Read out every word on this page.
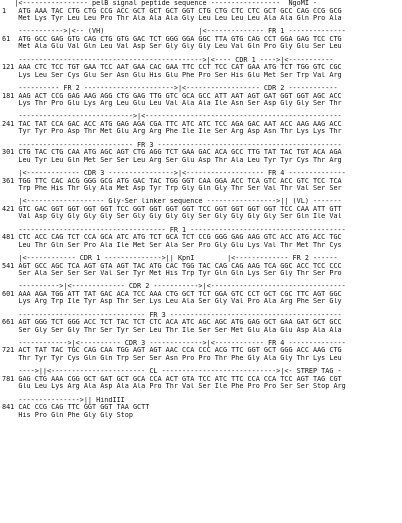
|<---------------- pelB signal peptide sequence -----------------  NgoMI -
1   ATG AAA TAC CTG CTG CCG ACC GCT GCT GCT GGT CTG CTG CTC CTC GCT GCC CAG CCG GCG
Met Lys Tyr Leu Leu Pro Thr Ala Ala Ala Gly Leu Leu Leu Leu Ala Ala Gln Pro Ala
----------->|<-- (VH)                       |<-------------- FR 1 --------------
61  ATG GCC GAG GTG CAG CTG GTG GAC TCT GGG GGA GGC TTA GTG CAG CCT GGA GAG TCC CTG
Met Ala Glu Val Gln Leu Val Asp Ser Gly Gly Gly Leu Val Gln Pro Gly Glu Ser Leu
--------------------------------------------->|<---- CDR 1 ---->|<-----------
121 AAA CTC TCC TGT GAA TCC AAT GAA CAC GAA TTC CCT TCC CAT GAA ATG TCT TGG GTC CGC
Lys Leu Ser Cys Glu Ser Asn Glu His Glu Phe Pro Ser His Glu Met Ser Trp Val Arg
---------- FR 2 ---------------------->|<------------------ CDR 2 ------------
181 AAG ACT CCG GAG AAG AGG CTG GAG TTG GTC GCA GCC ATT AAT AGT GAT GGT GGT AGC ACC
Lys Thr Pro Glu Lys Arg Leu Glu Leu Val Ala Ala Ile Asn Ser Asp Gly Gly Ser Thr
---------------------------->|<------------------------------------------------
241 TAC TAT CCA GAC ACC ATG GAG AGA CGA TTC ATC ATC TCC AGA GAC AAT ACC AAG AAG ACC
Tyr Tyr Pro Asp Thr Met Glu Arg Arg Phe Ile Ile Ser Arg Asp Asn Thr Lys Lys Thr
---------------------------- FR 3 ---------------------------------------------
301 CTG TAC CTG CAA ATG AGC AGT CTG AGG TCT GAA GAC ACA GCC TTG TAT TAC TGT ACA AGA
Leu Tyr Leu Gln Met Ser Ser Leu Arg Ser Glu Asp Thr Ala Leu Tyr Tyr Cys Thr Arg
|<------------- CDR 3 ---------------->|<------------------- FR 4 --------------
361 TGG TTC CAC ACG GGG GCG ATG GAC TAC TGG GGT CAA GGA ACC TCA GTC ACC GTC TCC TCA
Trp Phe His Thr Gly Ala Met Asp Tyr Trp Gly Gln Gly Thr Ser Val Thr Val Ser Ser
|<------------------- Gly-Ser linker sequence ----------------->|| (VL) -------
421 GTC GAC GGT GGT GGT GGT TCC GGT GGT GGT GGT TCC GGT GGT GGT GGT TCC CAA ATT GTT
Val Asp Gly Gly Gly Gly Ser Gly Gly Gly Gly Ser Gly Gly Gly Gly Ser Gln Ile Val
------------------------------------ FR 1 --------------------------------------
481 CTC ACC CAG TCT CCA GCA ATC ATG TCT GCA TCT CCG GGG GAG AAG GTC ACC ATG ACC TGC
Leu Thr Gln Ser Pro Ala Ile Met Ser Ala Ser Pro Gly Glu Lys Val Thr Met Thr Cys
|<------------ CDR 1 -------------->|| KpnI        |<------------- FR 2 ------
541 AGT GCC AGC TCA AGT GTA AGT TAC ATG CAC TGG TAC CAG CAG AAG TCA GGC ACC TCC CCC
Ser Ala Ser Ser Ser Val Ser Tyr Met His Trp Tyr Gln Gln Lys Ser Gly Thr Ser Pro
---------->|<------------- CDR 2 ----------->|<---------------------------------
601 AAA AGA TGG ATT TAT GAC ACA TCC AAA CTG GCT TCT GGA GTC CCT GCT CGC TTC AGT GGC
Lys Arg Trp Ile Tyr Asp Thr Ser Lys Leu Ala Ser Gly Val Pro Ala Arg Phe Ser Gly
------------------------------- FR 3 ------------------------------------------
661 AGT GGG TCT GGG ACC TCT TAC TCT CTC ACA ATC AGC AGC ATG GAG GCT GAA GAT GCT GCC
Ser Gly Ser Gly Thr Ser Tyr Ser Leu Thr Ile Ser Ser Met Glu Ala Glu Asp Ala Ala
------------>|<---------- CDR 3 ------------->|<------------ FR 4 --------------
721 ACT TAT TAC TGC CAG CAA TGG AGT AGT AAC CCA CCC ACG TTC GGT GCT GGG ACC AAG CTG
Thr Tyr Tyr Cys Gln Gln Trp Ser Ser Asn Pro Pro Thr Phe Gly Ala Gly Thr Lys Leu
---->||<----------------------- CL ---------------------------->|<- STREP TAG -
781 GAG CTG AAA CGG GCT GAT GCT GCA CCA ACT GTA TCC ATC TTC CCA CCA TCC AGT TAG CGT
Glu Leu Lys Arg Ala Asp Ala Ala Pro Thr Val Ser Ile Phe Pro Pro Ser Ser Stop Arg
--------------->|| HindIII
841 CAC CCG CAG TTC GGT GGT TAA GCTT
His Pro Gln Phe Gly Gly Stop
